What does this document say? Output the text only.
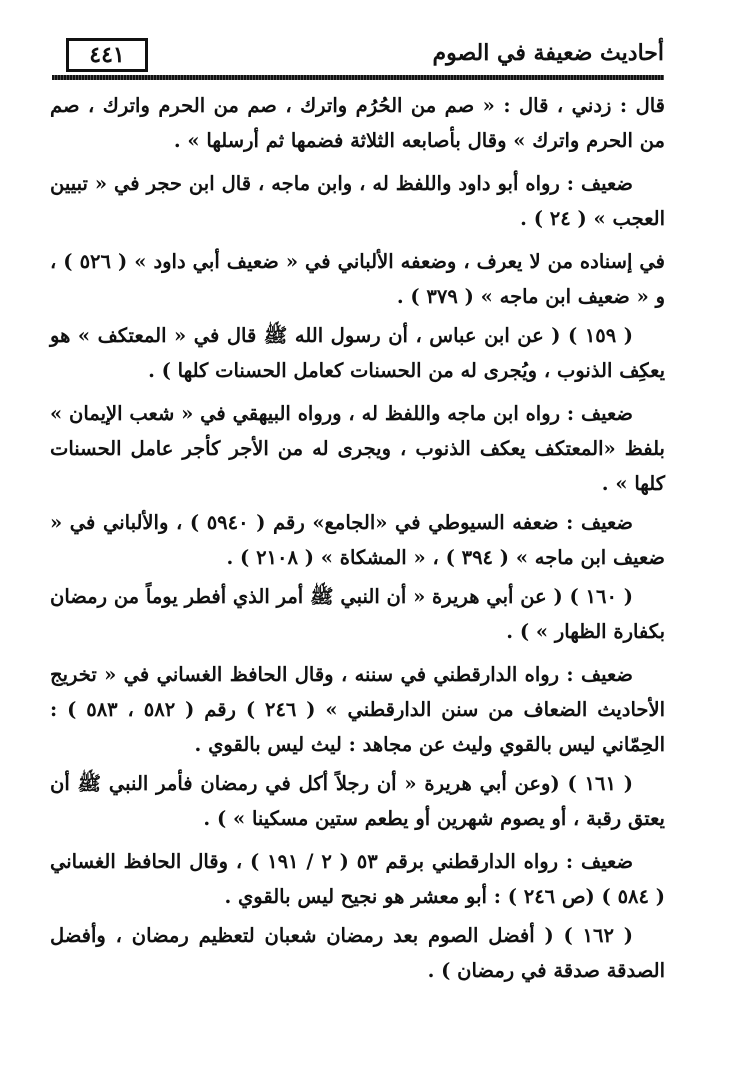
٤٤١	أحاديث ضعيفة في الصوم

قال : زدني ، قال : « صم من الحُرُم واترك ، صم من الحرم واترك ، صم من الحرم واترك » وقال بأصابعه الثلاثة فضمها ثم أرسلها » .

ضعيف : رواه أبو داود واللفظ له ، وابن ماجه ، قال ابن حجر في « تبيين العجب » ( ٢٤ ) .

في إسناده من لا يعرف ، وضعفه الألباني في « ضعيف أبي داود » ( ٥٢٦ ) ، و « ضعيف ابن ماجه » ( ٣٧٩ ) .

( ١٥٩ ) ( عن ابن عباس ، أن رسول الله ﷺ قال في « المعتكف » هو يعكِف الذنوب ، ويُجرى له من الحسنات كعامل الحسنات كلها ) .

ضعيف : رواه ابن ماجه واللفظ له ، ورواه البيهقي في « شعب الإيمان » بلفظ «المعتكف يعكف الذنوب ، ويجرى له من الأجر كأجر عامل الحسنات كلها » .

ضعيف : ضعفه السيوطي في «الجامع» رقم ( ٥٩٤٠ ) ، والألباني في « ضعيف ابن ماجه » ( ٣٩٤ ) ، « المشكاة » ( ٢١٠٨ ) .

( ١٦٠ ) ( عن أبي هريرة « أن النبي ﷺ أمر الذي أفطر يوماً من رمضان بكفارة الظهار » ) .

ضعيف : رواه الدارقطني في سننه ، وقال الحافظ الغساني في « تخريج الأحاديث الضعاف من سنن الدارقطني » ( ٢٤٦ ) رقم ( ٥٨٢ ، ٥٨٣ ) : الحِمّاني ليس بالقوي وليث عن مجاهد : ليث ليس بالقوي .

( ١٦١ ) (وعن أبي هريرة « أن رجلاً أكل في رمضان فأمر النبي ﷺ أن يعتق رقبة ، أو يصوم شهرين أو يطعم ستين مسكينا » ) .

ضعيف : رواه الدارقطني برقم ٥٣ ( ٢ / ١٩١ ) ، وقال الحافظ الغساني ( ٥٨٤ ) (ص ٢٤٦ ) : أبو معشر هو نجيح ليس بالقوي .

( ١٦٢ ) ( أفضل الصوم بعد رمضان شعبان لتعظيم رمضان ، وأفضل الصدقة صدقة في رمضان ) .
